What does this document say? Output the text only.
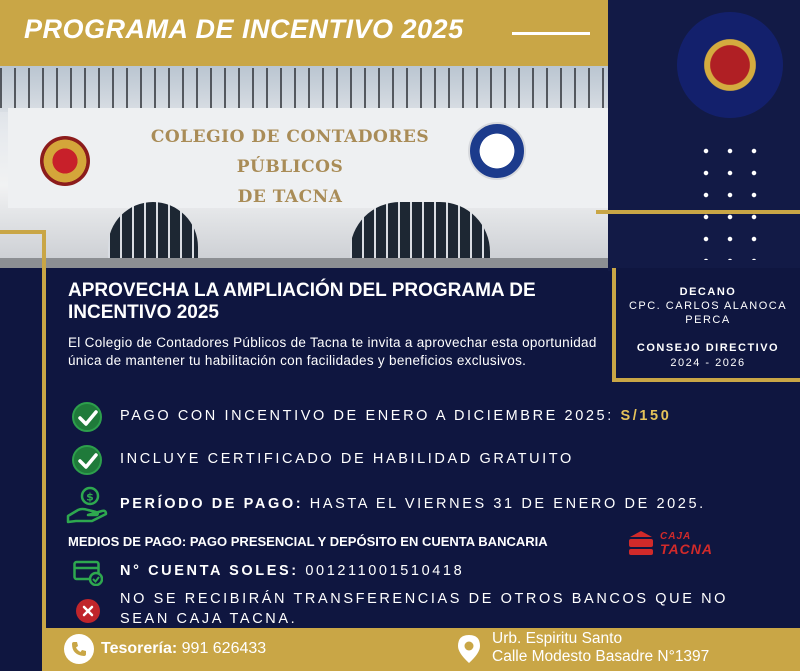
COLEGIO DE CONTADORES PÚBLICOS
DE TACNA
PROGRAMA DE INCENTIVO 2025
DECANO
CPC. CARLOS ALANOCA
PERCA
CONSEJO DIRECTIVO
2024 - 2026
APROVECHA LA AMPLIACIÓN DEL PROGRAMA DE INCENTIVO 2025
El Colegio de Contadores Públicos de Tacna te invita a aprovechar esta oportunidad única de mantener tu habilitación con facilidades y beneficios exclusivos.
PAGO CON INCENTIVO DE ENERO A DICIEMBRE 2025: S/150
INCLUYE CERTIFICADO DE HABILIDAD GRATUITO
$ PERÍODO DE PAGO: HASTA EL VIERNES 31 DE ENERO DE 2025.
MEDIOS DE PAGO: PAGO PRESENCIAL Y DEPÓSITO EN CUENTA BANCARIA	CAJA
TACNA
N° CUENTA SOLES: 001211001510418
NO SE RECIBIRÁN TRANSFERENCIAS DE OTROS BANCOS QUE NO
SEAN CAJA TACNA.
Tesorería: 991 626433
Urb. Espiritu Santo
Calle Modesto Basadre N°1397
